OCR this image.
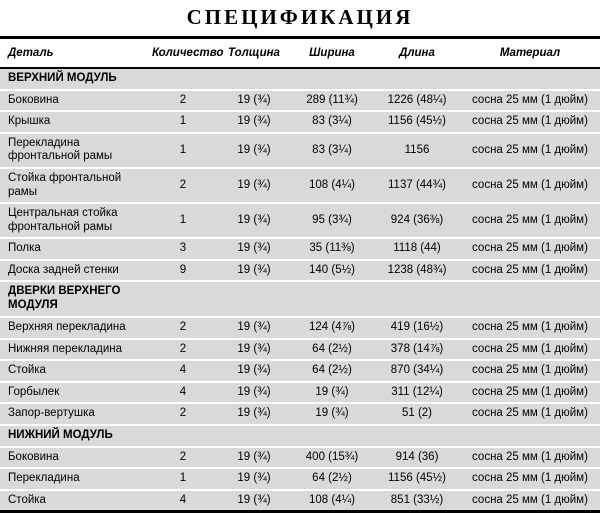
СПЕЦИФИКАЦИЯ
Деталь	Количество	Толщина	Ширина	Длина	Материал

ВЕРХНИЙ МОДУЛЬ					

Боковина	2	19 (¾)	289 (11¾)	1226 (48¼)	сосна 25 мм (1 дюйм)
Крышка	1	19 (¾)	83 (3¼)	1156 (45½)	сосна 25 мм (1 дюйм)
Перекладина фронтальной рамы	1	19 (¾)	83 (3¼)	1156	сосна 25 мм (1 дюйм)
Стойка фронтальной рамы	2	19 (¾)	108 (4¼)	1137 (44¾)	сосна 25 мм (1 дюйм)
Центральная стойка фронтальной рамы	1	19 (¾)	95 (3¾)	924 (36⅜)	сосна 25 мм (1 дюйм)
Полка	3	19 (¾)	35 (11⅜)	1118 (44)	сосна 25 мм (1 дюйм)
Доска задней стенки	9	19 (¾)	140 (5½)	1238 (48¾)	сосна 25 мм (1 дюйм)

ДВЕРКИ ВЕРХНЕГО МОДУЛЯ					

Верхняя перекладина	2	19 (¾)	124 (4⅞)	419 (16½)	сосна 25 мм (1 дюйм)
Нижняя перекладина	2	19 (¾)	64 (2½)	378 (14⅞)	сосна 25 мм (1 дюйм)
Стойка	4	19 (¾)	64 (2½)	870 (34¼)	сосна 25 мм (1 дюйм)
Горбылек	4	19 (¾)	19 (¾)	311 (12¼)	сосна 25 мм (1 дюйм)
Запор-вертушка	2	19 (¾)	19 (¾)	51 (2)	сосна 25 мм (1 дюйм)

НИЖНИЙ МОДУЛЬ					

Боковина	2	19 (¾)	400 (15¾)	914 (36)	сосна 25 мм (1 дюйм)
Перекладина	1	19 (¾)	64 (2½)	1156 (45½)	сосна 25 мм (1 дюйм)
Стойка	4	19 (¾)	108 (4¼)	851 (33½)	сосна 25 мм (1 дюйм)
